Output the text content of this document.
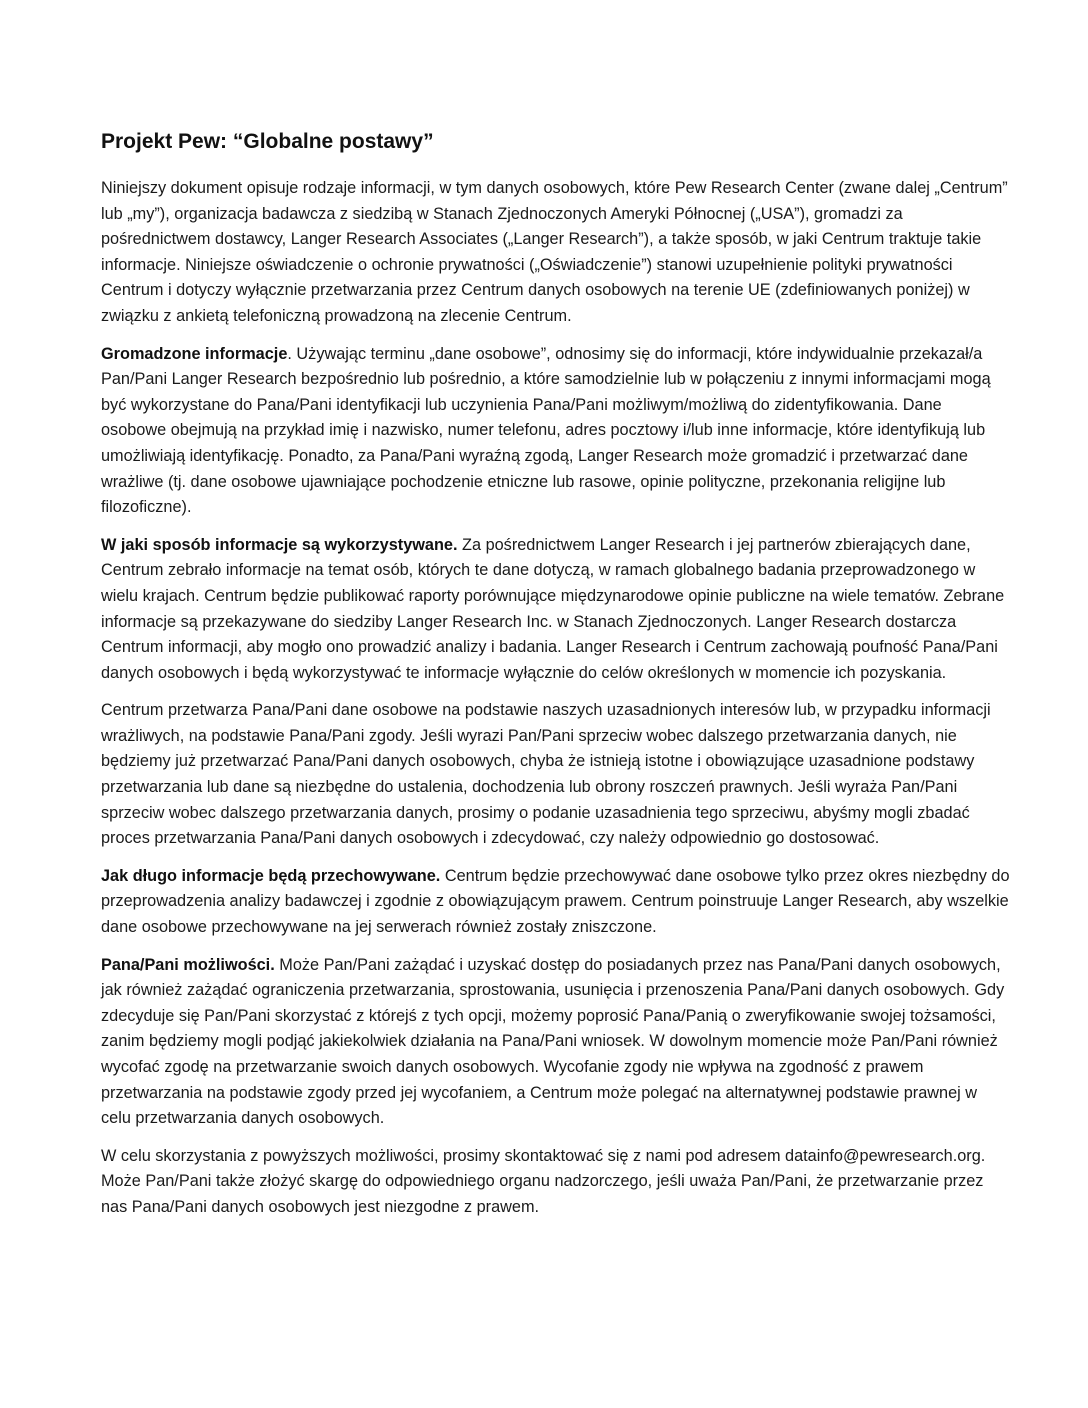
Projekt Pew: “Globalne postawy”

Niniejszy dokument opisuje rodzaje informacji, w tym danych osobowych, które Pew Research Center (zwane dalej „Centrum” lub „my”), organizacja badawcza z siedzibą w Stanach Zjednoczonych Ameryki Północnej („USA”), gromadzi za pośrednictwem dostawcy, Langer Research Associates („Langer Research”), a także sposób, w jaki Centrum traktuje takie informacje. Niniejsze oświadczenie o ochronie prywatności („Oświadczenie”) stanowi uzupełnienie polityki prywatności Centrum i dotyczy wyłącznie przetwarzania przez Centrum danych osobowych na terenie UE (zdefiniowanych poniżej) w związku z ankietą telefoniczną prowadzoną na zlecenie Centrum.

Gromadzone informacje. Używając terminu „dane osobowe”, odnosimy się do informacji, które indywidualnie przekazał/a Pan/Pani Langer Research bezpośrednio lub pośrednio, a które samodzielnie lub w połączeniu z innymi informacjami mogą być wykorzystane do Pana/Pani identyfikacji lub uczynienia Pana/Pani możliwym/możliwą do zidentyfikowania. Dane osobowe obejmują na przykład imię i nazwisko, numer telefonu, adres pocztowy i/lub inne informacje, które identyfikują lub umożliwiają identyfikację. Ponadto, za Pana/Pani wyraźną zgodą, Langer Research może gromadzić i przetwarzać dane wrażliwe (tj. dane osobowe ujawniające pochodzenie etniczne lub rasowe, opinie polityczne, przekonania religijne lub filozoficzne).

W jaki sposób informacje są wykorzystywane. Za pośrednictwem Langer Research i jej partnerów zbierających dane, Centrum zebrało informacje na temat osób, których te dane dotyczą, w ramach globalnego badania przeprowadzonego w wielu krajach. Centrum będzie publikować raporty porównujące międzynarodowe opinie publiczne na wiele tematów. Zebrane informacje są przekazywane do siedziby Langer Research Inc. w Stanach Zjednoczonych. Langer Research dostarcza Centrum informacji, aby mogło ono prowadzić analizy i badania. Langer Research i Centrum zachowają poufność Pana/Pani danych osobowych i będą wykorzystywać te informacje wyłącznie do celów określonych w momencie ich pozyskania.

Centrum przetwarza Pana/Pani dane osobowe na podstawie naszych uzasadnionych interesów lub, w przypadku informacji wrażliwych, na podstawie Pana/Pani zgody. Jeśli wyrazi Pan/Pani sprzeciw wobec dalszego przetwarzania danych, nie będziemy już przetwarzać Pana/Pani danych osobowych, chyba że istnieją istotne i obowiązujące uzasadnione podstawy przetwarzania lub dane są niezbędne do ustalenia, dochodzenia lub obrony roszczeń prawnych. Jeśli wyraża Pan/Pani sprzeciw wobec dalszego przetwarzania danych, prosimy o podanie uzasadnienia tego sprzeciwu, abyśmy mogli zbadać proces przetwarzania Pana/Pani danych osobowych i zdecydować, czy należy odpowiednio go dostosować.

Jak długo informacje będą przechowywane. Centrum będzie przechowywać dane osobowe tylko przez okres niezbędny do przeprowadzenia analizy badawczej i zgodnie z obowiązującym prawem. Centrum poinstruuje Langer Research, aby wszelkie dane osobowe przechowywane na jej serwerach również zostały zniszczone.

Pana/Pani możliwości. Może Pan/Pani zażądać i uzyskać dostęp do posiadanych przez nas Pana/Pani danych osobowych, jak również zażądać ograniczenia przetwarzania, sprostowania, usunięcia i przenoszenia Pana/Pani danych osobowych. Gdy zdecyduje się Pan/Pani skorzystać z którejś z tych opcji, możemy poprosić Pana/Panią o zweryfikowanie swojej tożsamości, zanim będziemy mogli podjąć jakiekolwiek działania na Pana/Pani wniosek. W dowolnym momencie może Pan/Pani również wycofać zgodę na przetwarzanie swoich danych osobowych. Wycofanie zgody nie wpływa na zgodność z prawem przetwarzania na podstawie zgody przed jej wycofaniem, a Centrum może polegać na alternatywnej podstawie prawnej w celu przetwarzania danych osobowych.

W celu skorzystania z powyższych możliwości, prosimy skontaktować się z nami pod adresem datainfo@pewresearch.org. Może Pan/Pani także złożyć skargę do odpowiedniego organu nadzorczego, jeśli uważa Pan/Pani, że przetwarzanie przez nas Pana/Pani danych osobowych jest niezgodne z prawem.
